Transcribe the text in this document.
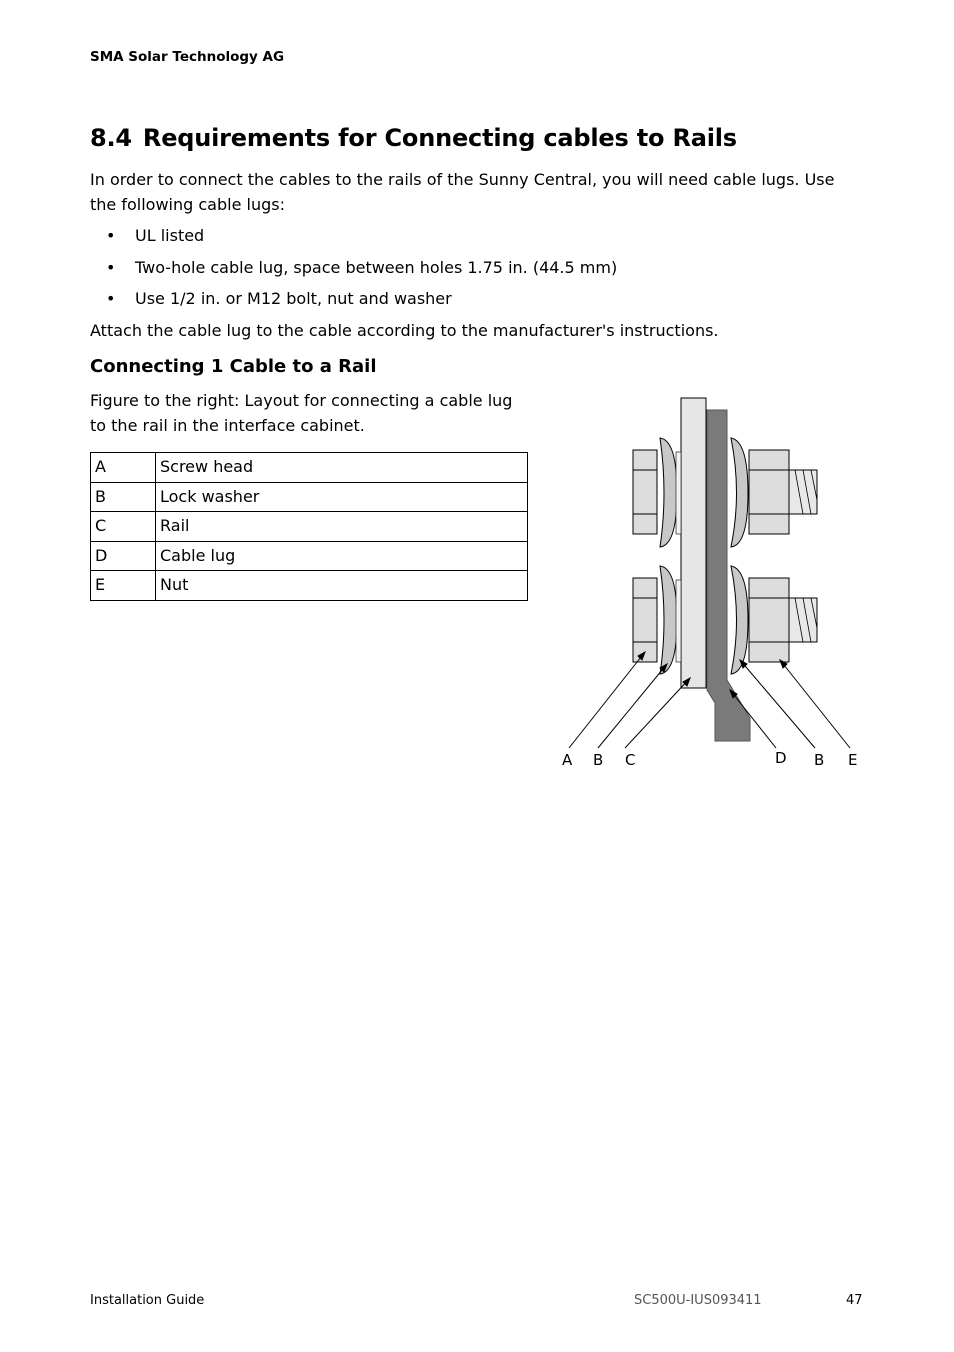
SMA Solar Technology AG
8.4 Requirements for Connecting cables to Rails
In order to connect the cables to the rails of the Sunny Central, you will need cable lugs. Use the following cable lugs:
• UL listed
• Two-hole cable lug, space between holes 1.75 in. (44.5 mm)
• Use 1/2 in. or M12 bolt, nut and washer
Attach the cable lug to the cable according to the manufacturer's instructions.
Connecting 1 Cable to a Rail
Figure to the right: Layout for connecting a cable lug to the rail in the interface cabinet.
A	Screw head
B	Lock washer
C	Rail
D	Cable lug
E	Nut
A B C	D B E
Installation Guide	SC500U-IUS093411	47
